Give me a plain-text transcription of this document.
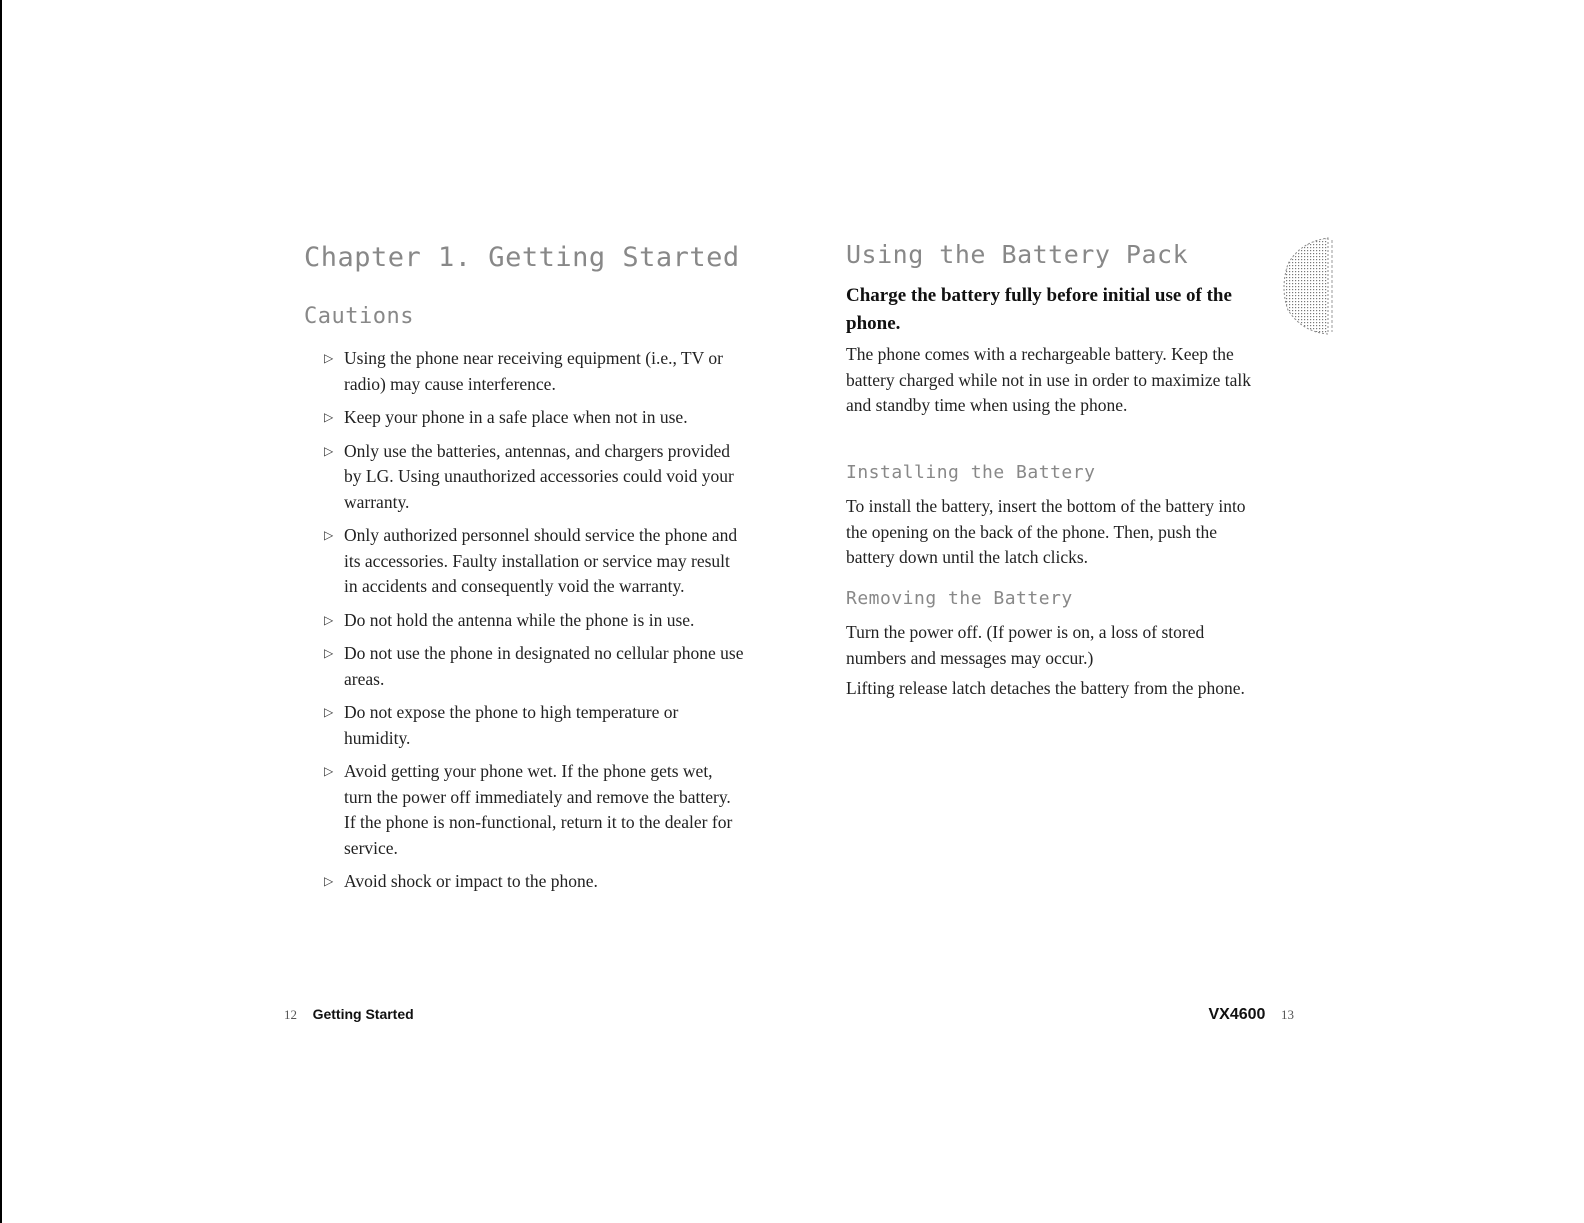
Chapter 1. Getting Started
Cautions
▷ Using the phone near receiving equipment (i.e., TV or radio) may cause interference.
▷ Keep your phone in a safe place when not in use.
▷ Only use the batteries, antennas, and chargers provided by LG. Using unauthorized accessories could void your warranty.
▷ Only authorized personnel should service the phone and its accessories. Faulty installation or service may result in accidents and consequently void the warranty.
▷ Do not hold the antenna while the phone is in use.
▷ Do not use the phone in designated no cellular phone use areas.
▷ Do not expose the phone to high temperature or humidity.
▷ Avoid getting your phone wet. If the phone gets wet, turn the power off immediately and remove the battery. If the phone is non-functional, return it to the dealer for service.
▷ Avoid shock or impact to the phone.
Using the Battery Pack

Charge the battery fully before initial use of the phone.

The phone comes with a rechargeable battery. Keep the battery charged while not in use in order to maximize talk and standby time when using the phone.

Installing the Battery

To install the battery, insert the bottom of the battery into the opening on the back of the phone. Then, push the battery down until the latch clicks.

Removing the Battery

Turn the power off. (If power is on, a loss of stored numbers and messages may occur.)

Lifting release latch detaches the battery from the phone.

12 Getting Started	VX4600 13
